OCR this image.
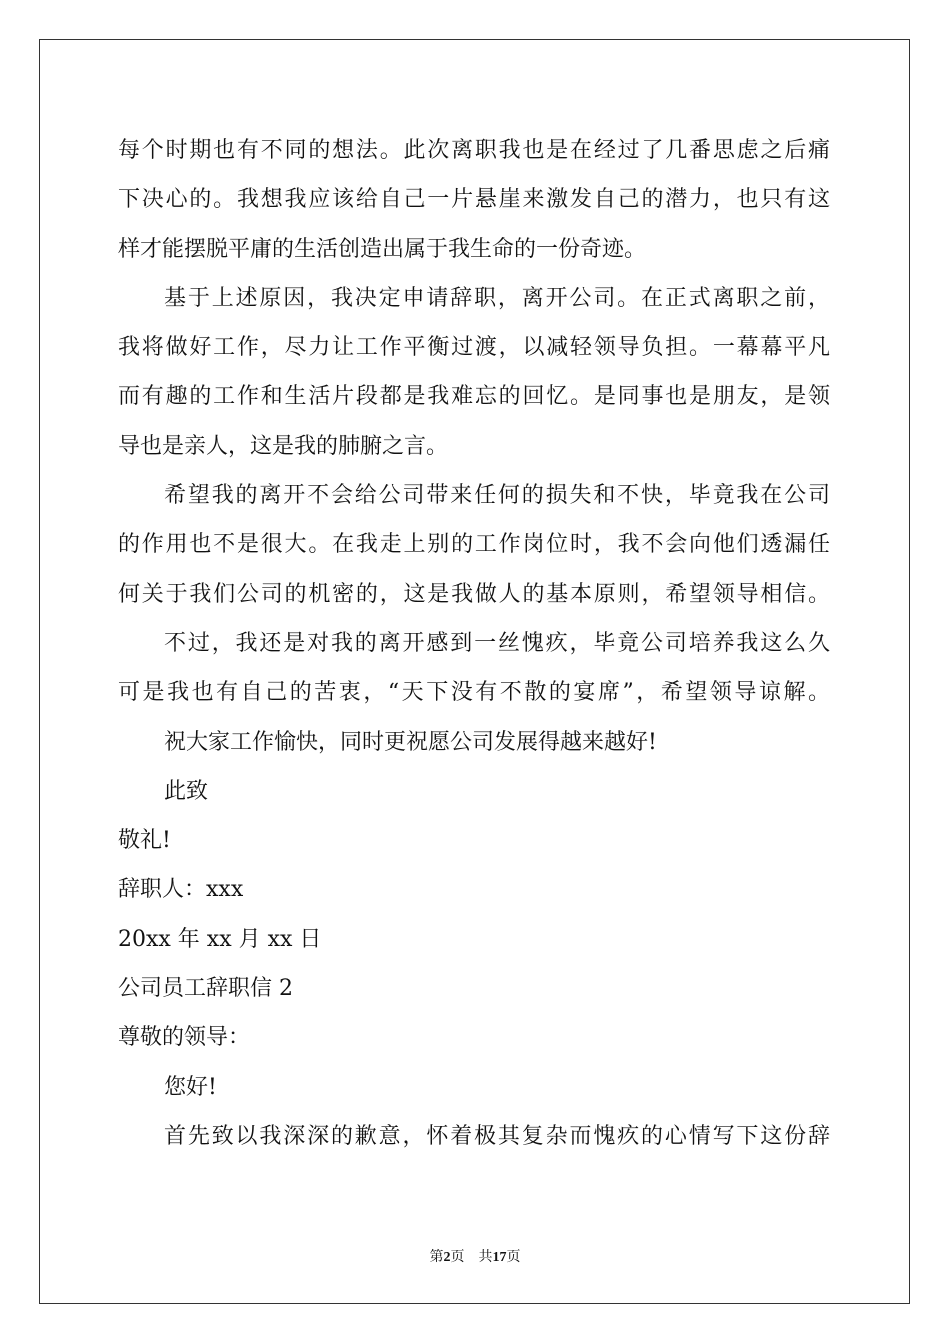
每个时期也有不同的想法。此次离职我也是在经过了几番思虑之后痛
下决心的。我想我应该给自己一片悬崖来激发自己的潜力，也只有这
样才能摆脱平庸的生活创造出属于我生命的一份奇迹。
基于上述原因，我决定申请辞职，离开公司。在正式离职之前，
我将做好工作，尽力让工作平衡过渡，以减轻领导负担。一幕幕平凡
而有趣的工作和生活片段都是我难忘的回忆。是同事也是朋友，是领
导也是亲人，这是我的肺腑之言。
希望我的离开不会给公司带来任何的损失和不快，毕竟我在公司
的作用也不是很大。在我走上别的工作岗位时，我不会向他们透漏任
何关于我们公司的机密的，这是我做人的基本原则，希望领导相信。
不过，我还是对我的离开感到一丝愧疚，毕竟公司培养我这么久
可是我也有自己的苦衷，“天下没有不散的宴席”，希望领导谅解。
祝大家工作愉快，同时更祝愿公司发展得越来越好!
此致
敬礼!
辞职人：xxx
20xx 年 xx 月 xx 日
公司员工辞职信 2
尊敬的领导：
您好!
首先致以我深深的歉意，怀着极其复杂而愧疚的心情写下这份辞
第2页 共17页
